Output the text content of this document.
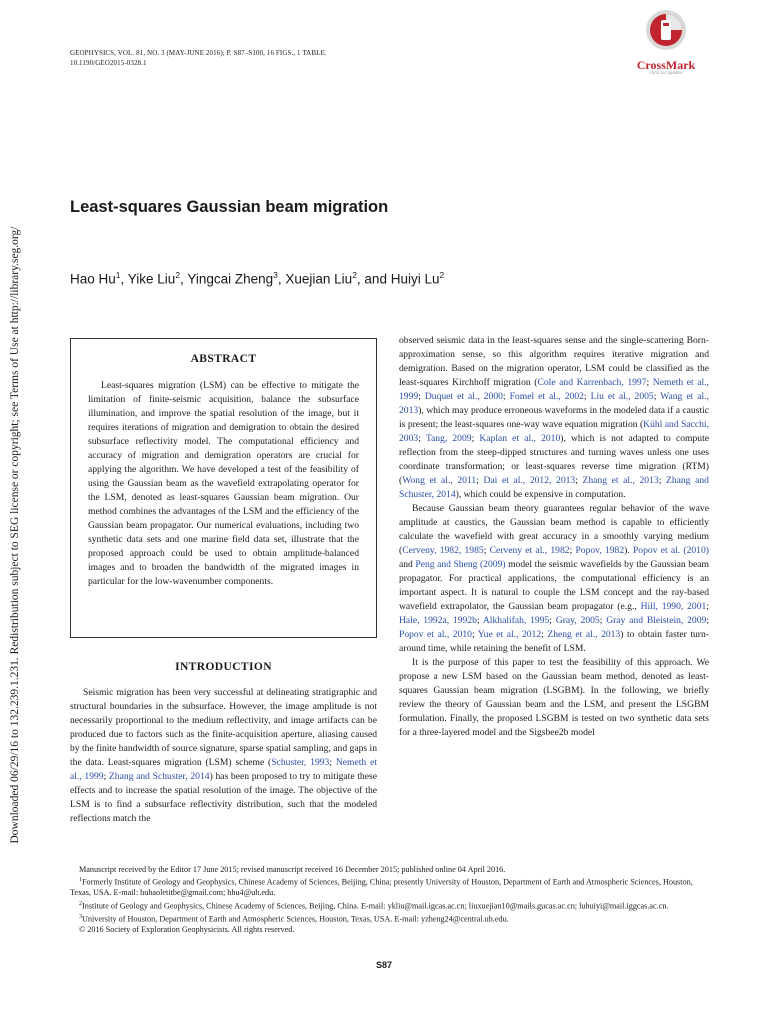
GEOPHYSICS, VOL. 81, NO. 3 (MAY-JUNE 2016); P. S87–S100, 16 FIGS., 1 TABLE.
10.1190/GEO2015-0328.1	CrossMark
click for updates
Downloaded 06/29/16 to 132.239.1.231. Redistribution subject to SEG license or copyright; see Terms of Use at http://library.seg.org/
Least-squares Gaussian beam migration
Hao Hu$^1$, Yike Liu$^2$, Yingcai Zheng$^3$, Xuejian Liu$^2$, and Huiyi Lu$^2$
ABSTRACT

Least-squares migration (LSM) can be effective to mitigate the limitation of finite-seismic acquisition, balance the subsurface illumination, and improve the spatial resolution of the image, but it requires iterations of migration and demigration to obtain the desired subsurface reflectivity model. The computational efficiency and accuracy of migration and demigration operators are crucial for applying the algorithm. We have developed a test of the feasibility of using the Gaussian beam as the wavefield extrapolating operator for the LSM, denoted as least-squares Gaussian beam migration. Our method combines the advantages of the LSM and the efficiency of the Gaussian beam propagator. Our numerical evaluations, including two synthetic data sets and one marine field data set, illustrate that the proposed approach could be used to obtain amplitude-balanced images and to broaden the bandwidth of the migrated images in particular for the low-wavenumber components.

INTRODUCTION

Seismic migration has been very successful at delineating stratigraphic and structural boundaries in the subsurface. However, the image amplitude is not necessarily proportional to the medium reflectivity, and image artifacts can be produced due to factors such as the finite-acquisition aperture, aliasing caused by the finite bandwidth of source signature, sparse spatial sampling, and gaps in the data. Least-squares migration (LSM) scheme (Schuster, 1993; Nemeth et al., 1999; Zhang and Schuster, 2014) has been proposed to try to mitigate these effects and to increase the spatial resolution of the image. The objective of the LSM is to find a subsurface reflectivity distribution, such that the modeled reflections match the

observed seismic data in the least-squares sense and the single-scattering Born-approximation sense, so this algorithm requires iterative migration and demigration. Based on the migration operator, LSM could be classified as the least-squares Kirchhoff migration (Cole and Karrenbach, 1997; Nemeth et al., 1999; Duquet et al., 2000; Fomel et al., 2002; Liu et al., 2005; Wang et al., 2013), which may produce erroneous waveforms in the modeled data if a caustic is present; the least-squares one-way wave equation migration (Kühl and Sacchi, 2003; Tang, 2009; Kaplan et al., 2010), which is not adapted to compute reflection from the steep-dipped structures and turning waves unless one uses coordinate transformation; or least-squares reverse time migration (RTM) (Wong et al., 2011; Dai et al., 2012, 2013; Zhang et al., 2013; Zhang and Schuster, 2014), which could be expensive in computation.

Because Gaussian beam theory guarantees regular behavior of the wave amplitude at caustics, the Gaussian beam method is capable to efficiently calculate the wavefield with great accuracy in a smoothly varying medium (Cerveny, 1982, 1985; Cerveny et al., 1982; Popov, 1982). Popov et al. (2010) and Peng and Sheng (2009) model the seismic wavefields by the Gaussian beam propagator. For practical applications, the computational efficiency is an important aspect. It is natural to couple the LSM concept and the ray-based wavefield extrapolator, the Gaussian beam propagator (e.g., Hill, 1990, 2001; Hale, 1992a, 1992b; Alkhalifah, 1995; Gray, 2005; Gray and Bleistein, 2009; Popov et al., 2010; Yue et al., 2012; Zheng et al., 2013) to obtain faster turn-around time, while retaining the benefit of LSM.

It is the purpose of this paper to test the feasibility of this approach. We propose a new LSM based on the Gaussian beam method, denoted as least-squares Gaussian beam migration (LSGBM). In the following, we briefly review the theory of Gaussian beam and the LSM, and present the LSGBM formulation. Finally, the proposed LSGBM is tested on two synthetic data sets for a three-layered model and the Sigsbee2b model

Manuscript received by the Editor 17 June 2015; revised manuscript received 16 December 2015; published online 04 April 2016.

$^1$Formerly Institute of Geology and Geophysics, Chinese Academy of Sciences, Beijing, China; presently University of Houston, Department of Earth and Atmospheric Sciences, Houston, Texas, USA. E-mail: huhaoletitbe@gmail.com; hhu4@uh.edu.

$^2$Institute of Geology and Geophysics, Chinese Academy of Sciences, Beijing, China. E-mail: ykliu@mail.igcas.ac.cn; liuxuejian10@mails.gucas.ac.cn; luhuiyi@mail.iggcas.ac.cn.

$^3$University of Houston, Department of Earth and Atmospheric Sciences, Houston, Texas, USA. E-mail: yzheng24@central.uh.edu.

© 2016 Society of Exploration Geophysicists. All rights reserved.

S87
